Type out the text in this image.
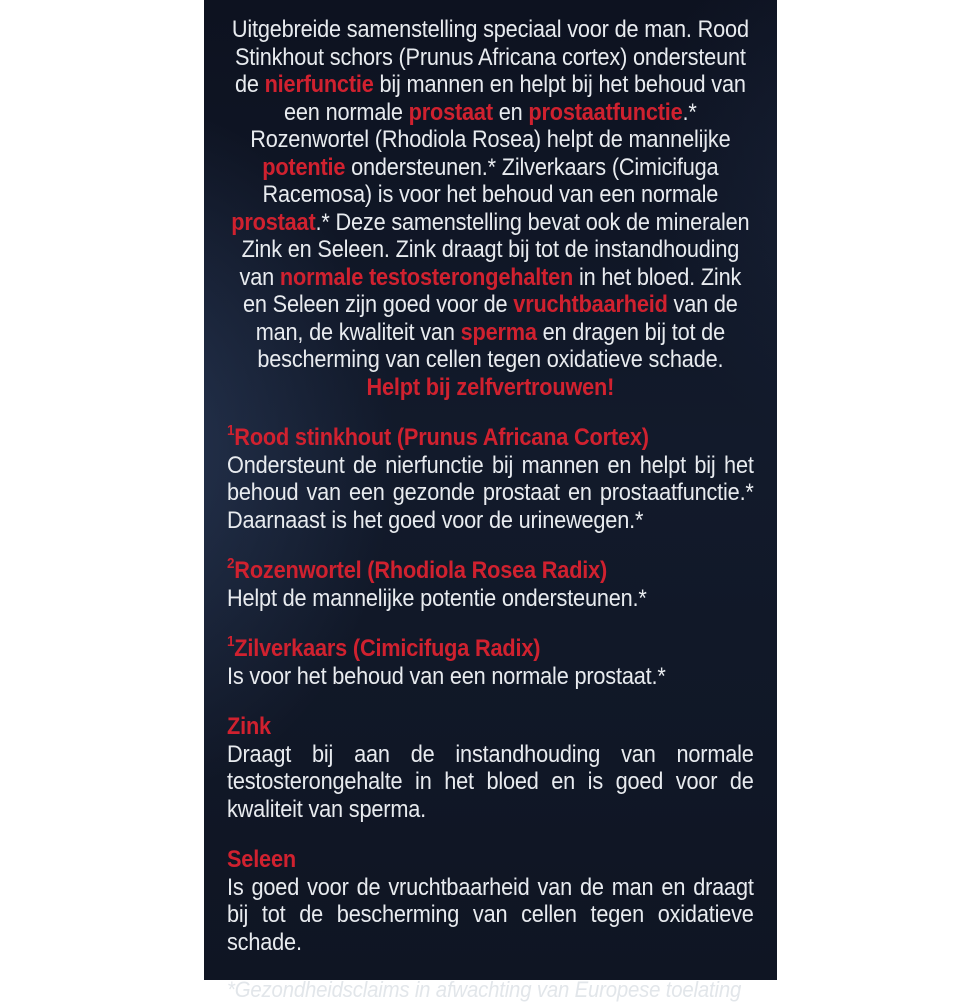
Uitgebreide samenstelling speciaal voor de man. Rood Stinkhout schors (Prunus Africana cortex) ondersteunt de nierfunctie bij mannen en helpt bij het behoud van een normale prostaat en prostaatfunctie.* Rozenwortel (Rhodiola Rosea) helpt de mannelijke potentie ondersteunen.* Zilverkaars (Cimicifuga Racemosa) is voor het behoud van een normale prostaat.* Deze samenstelling bevat ook de mineralen Zink en Seleen. Zink draagt bij tot de instandhouding van normale testosterongehalten in het bloed. Zink en Seleen zijn goed voor de vruchtbaarheid van de man, de kwaliteit van sperma en dragen bij tot de bescherming van cellen tegen oxidatieve schade.

Helpt bij zelfvertrouwen!

$^1$Rood stinkhout (Prunus Africana Cortex)

Ondersteunt de nierfunctie bij mannen en helpt bij het behoud van een gezonde prostaat en prostaatfunctie.* Daarnaast is het goed voor de urinewegen.*

$^2$Rozenwortel (Rhodiola Rosea Radix)

Helpt de mannelijke potentie ondersteunen.*

$^1$Zilverkaars (Cimicifuga Radix)

Is voor het behoud van een normale prostaat.*

Zink

Draagt bij aan de instandhouding van normale testosterongehalte in het bloed en is goed voor de kwaliteit van sperma.

Seleen

Is goed voor de vruchtbaarheid van de man en draagt bij tot de bescherming van cellen tegen oxidatieve schade.

*Gezondheidsclaims in afwachting van Europese toelating
